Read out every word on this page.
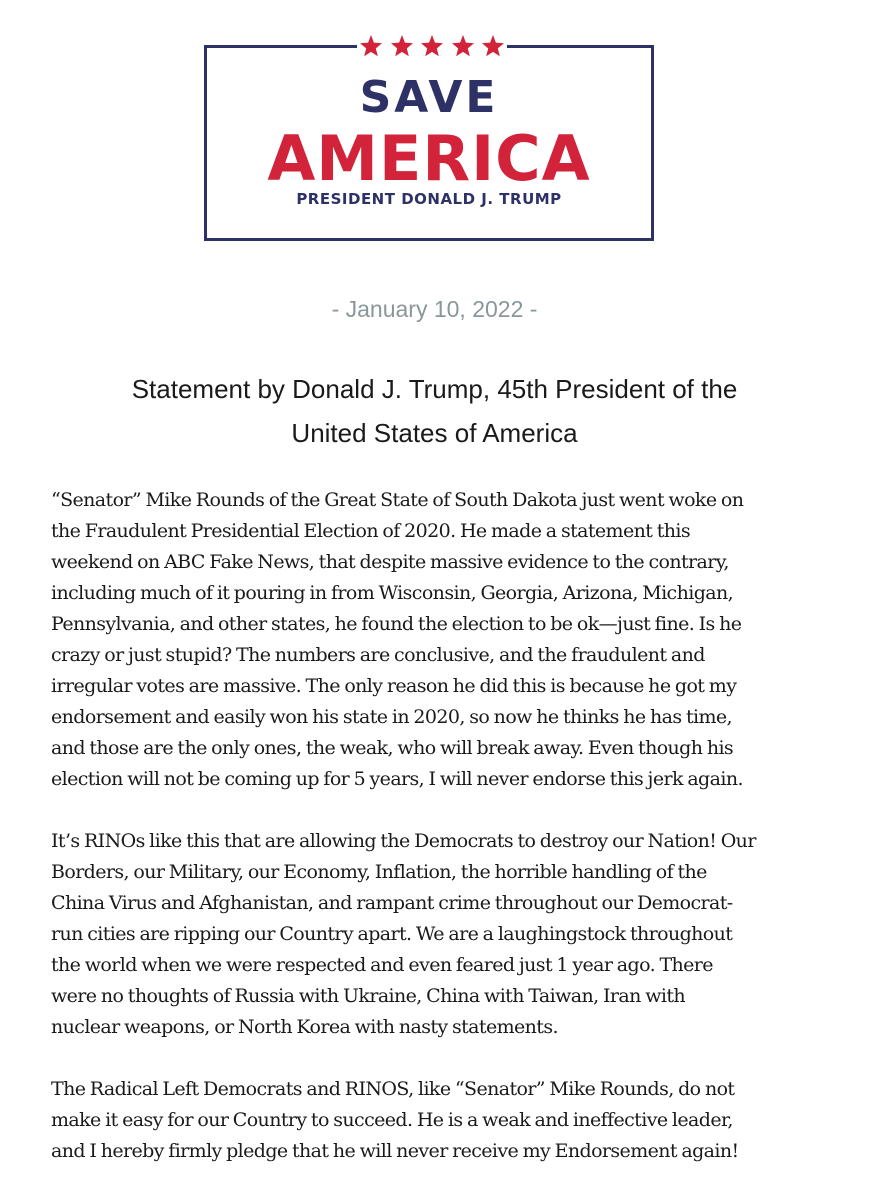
SAVE
AMERICA
PRESIDENT DONALD J. TRUMP
- January 10, 2022 -
Statement by Donald J. Trump, 45th President of the
United States of America

“Senator” Mike Rounds of the Great State of South Dakota just went woke on
the Fraudulent Presidential Election of 2020. He made a statement this
weekend on ABC Fake News, that despite massive evidence to the contrary,
including much of it pouring in from Wisconsin, Georgia, Arizona, Michigan,
Pennsylvania, and other states, he found the election to be ok—just fine. Is he
crazy or just stupid? The numbers are conclusive, and the fraudulent and
irregular votes are massive. The only reason he did this is because he got my
endorsement and easily won his state in 2020, so now he thinks he has time,
and those are the only ones, the weak, who will break away. Even though his
election will not be coming up for 5 years, I will never endorse this jerk again.

It’s RINOs like this that are allowing the Democrats to destroy our Nation! Our
Borders, our Military, our Economy, Inflation, the horrible handling of the
China Virus and Afghanistan, and rampant crime throughout our Democrat-
run cities are ripping our Country apart. We are a laughingstock throughout
the world when we were respected and even feared just 1 year ago. There
were no thoughts of Russia with Ukraine, China with Taiwan, Iran with
nuclear weapons, or North Korea with nasty statements.

The Radical Left Democrats and RINOS, like “Senator” Mike Rounds, do not
make it easy for our Country to succeed. He is a weak and ineffective leader,
and I hereby firmly pledge that he will never receive my Endorsement again!
